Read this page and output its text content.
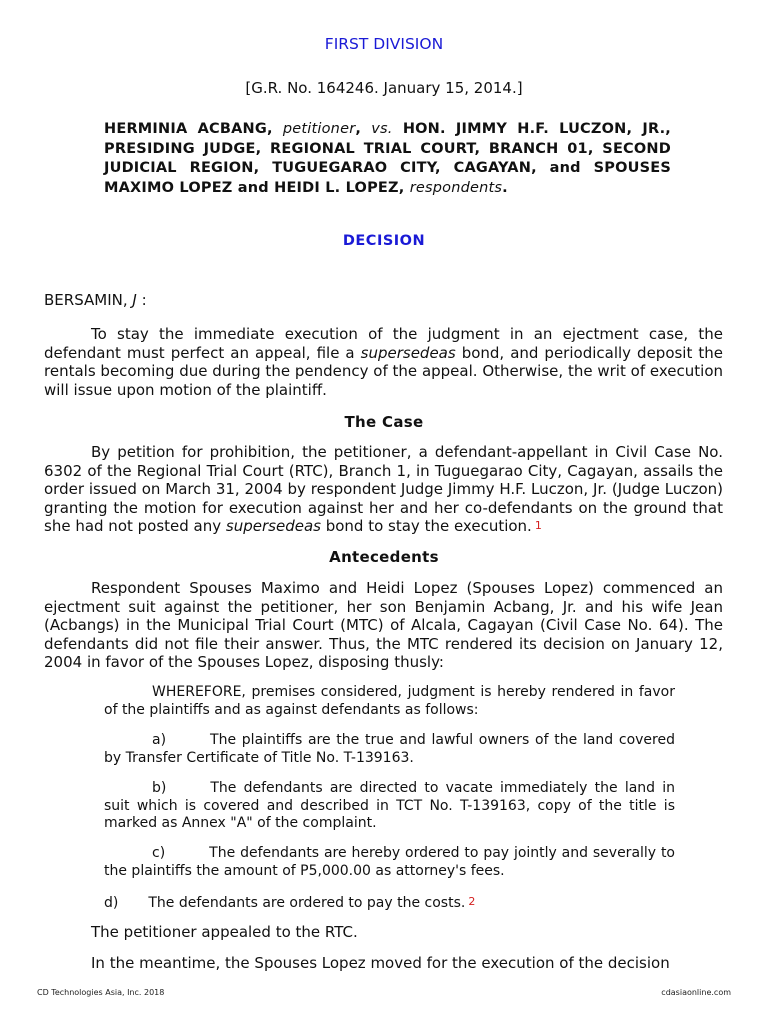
FIRST DIVISION
[G.R. No. 164246. January 15, 2014.]
HERMINIA ACBANG, petitioner, vs. HON. JIMMY H.F. LUCZON, JR., PRESIDING JUDGE, REGIONAL TRIAL COURT, BRANCH 01, SECOND JUDICIAL REGION, TUGUEGARAO CITY, CAGAYAN, and SPOUSES MAXIMO LOPEZ and HEIDI L. LOPEZ, respondents.
DECISION
BERSAMIN, J :
To stay the immediate execution of the judgment in an ejectment case, the defendant must perfect an appeal, file a supersedeas bond, and periodically deposit the rentals becoming due during the pendency of the appeal. Otherwise, the writ of execution will issue upon motion of the plaintiff.
The Case
By petition for prohibition, the petitioner, a defendant-appellant in Civil Case No. 6302 of the Regional Trial Court (RTC), Branch 1, in Tuguegarao City, Cagayan, assails the order issued on March 31, 2004 by respondent Judge Jimmy H.F. Luczon, Jr. (Judge Luczon) granting the motion for execution against her and her co-defendants on the ground that she had not posted any supersedeas bond to stay the execution. 1
Antecedents
Respondent Spouses Maximo and Heidi Lopez (Spouses Lopez) commenced an ejectment suit against the petitioner, her son Benjamin Acbang, Jr. and his wife Jean (Acbangs) in the Municipal Trial Court (MTC) of Alcala, Cagayan (Civil Case No. 64). The defendants did not file their answer. Thus, the MTC rendered its decision on January 12, 2004 in favor of the Spouses Lopez, disposing thusly:
WHEREFORE, premises considered, judgment is hereby rendered in favor of the plaintiffs and as against defendants as follows:
a)	The plaintiffs are the true and lawful owners of the land covered by Transfer Certificate of Title No. T-139163.
b)	The defendants are directed to vacate immediately the land in suit which is covered and described in TCT No. T-139163, copy of the title is marked as Annex "A" of the complaint.
c)	The defendants are hereby ordered to pay jointly and severally to the plaintiffs the amount of P5,000.00 as attorney's fees.
d) The defendants are ordered to pay the costs. 2
The petitioner appealed to the RTC.
In the meantime, the Spouses Lopez moved for the execution of the decision
CD Technologies Asia, Inc. 2018	cdasiaonline.com
